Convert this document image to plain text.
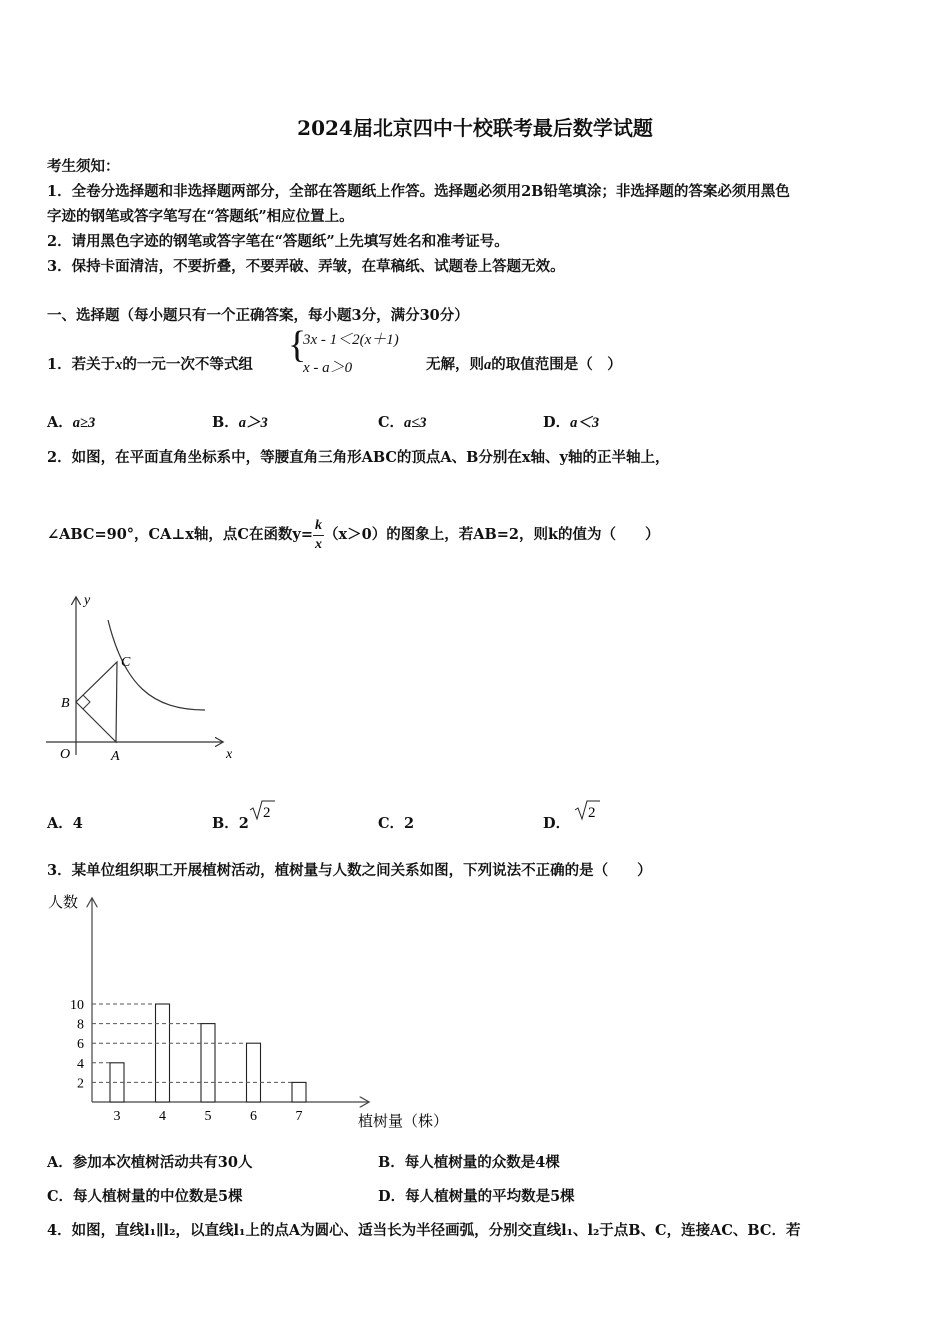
2024届北京四中十校联考最后数学试题
考生须知：
1．全卷分选择题和非选择题两部分，全部在答题纸上作答。选择题必须用2B铅笔填涂；非选择题的答案必须用黑色
字迹的钢笔或答字笔写在“答题纸”相应位置上。
2．请用黑色字迹的钢笔或答字笔在“答题纸”上先填写姓名和准考证号。
3．保持卡面清洁，不要折叠，不要弄破、弄皱，在草稿纸、试题卷上答题无效。
一、选择题（每小题只有一个正确答案，每小题3分，满分30分）
1．若关于x的一元一次不等式组 {
3x - 1＜2(x＋1)
x - a＞0	无解，则a的取值范围是（　）
A．a≥3	B．a＞3	C．a≤3	D．a＜3
2．如图，在平面直角坐标系中，等腰直角三角形ABC的顶点A、B分别在x轴、y轴的正半轴上，
∠ABC=90°，CA⊥x轴，点C在函数$y= \frac{k}{x} (x>0)$的图象上，若AB=2，则k的值为（　　）
y
x
O	A
B
C
A．4	B．2
2
C．2	D．
2
3．某单位组织职工开展植树活动，植树量与人数之间关系如图，下列说法不正确的是（　　）
人数
植树量（株）
2
4
6
8
10
3	4	5	6	7
A．参加本次植树活动共有30人	B．每人植树量的众数是4棵
C．每人植树量的中位数是5棵	D．每人植树量的平均数是5棵
4．如图，直线l₁∥l₂，以直线l₁上的点A为圆心、适当长为半径画弧，分别交直线l₁、l₂于点B、C，连接AC、BC．若
